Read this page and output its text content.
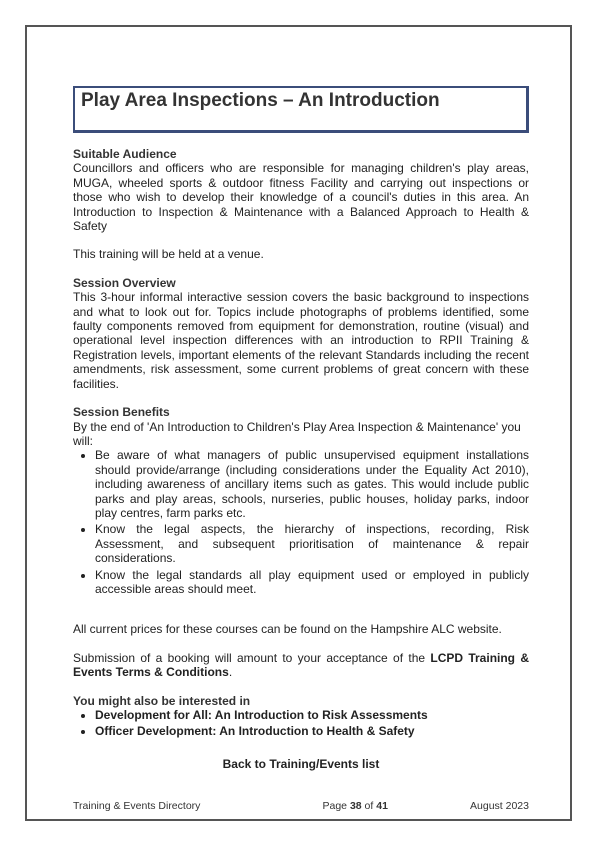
Play Area Inspections – An Introduction
Suitable Audience

Councillors and officers who are responsible for managing children's play areas, MUGA, wheeled sports & outdoor fitness Facility and carrying out inspections or those who wish to develop their knowledge of a council's duties in this area. An Introduction to Inspection & Maintenance with a Balanced Approach to Health & Safety

This training will be held at a venue.

Session Overview

This 3-hour informal interactive session covers the basic background to inspections and what to look out for. Topics include photographs of problems identified, some faulty components removed from equipment for demonstration, routine (visual) and operational level inspection differences with an introduction to RPII Training & Registration levels, important elements of the relevant Standards including the recent amendments, risk assessment, some current problems of great concern with these facilities.

Session Benefits
By the end of 'An Introduction to Children's Play Area Inspection & Maintenance' you will:
• Be aware of what managers of public unsupervised equipment installations should provide/arrange (including considerations under the Equality Act 2010), including awareness of ancillary items such as gates. This would include public parks and play areas, schools, nurseries, public houses, holiday parks, indoor play centres, farm parks etc.
• Know the legal aspects, the hierarchy of inspections, recording, Risk Assessment, and subsequent prioritisation of maintenance & repair considerations.
• Know the legal standards all play equipment used or employed in publicly accessible areas should meet.

All current prices for these courses can be found on the Hampshire ALC website.

Submission of a booking will amount to your acceptance of the LCPD Training & Events Terms & Conditions.

You might also be interested in
• Development for All: An Introduction to Risk Assessments
• Officer Development: An Introduction to Health & Safety
Back to Training/Events list
Training & Events Directory	Page 38 of 41	August 2023
